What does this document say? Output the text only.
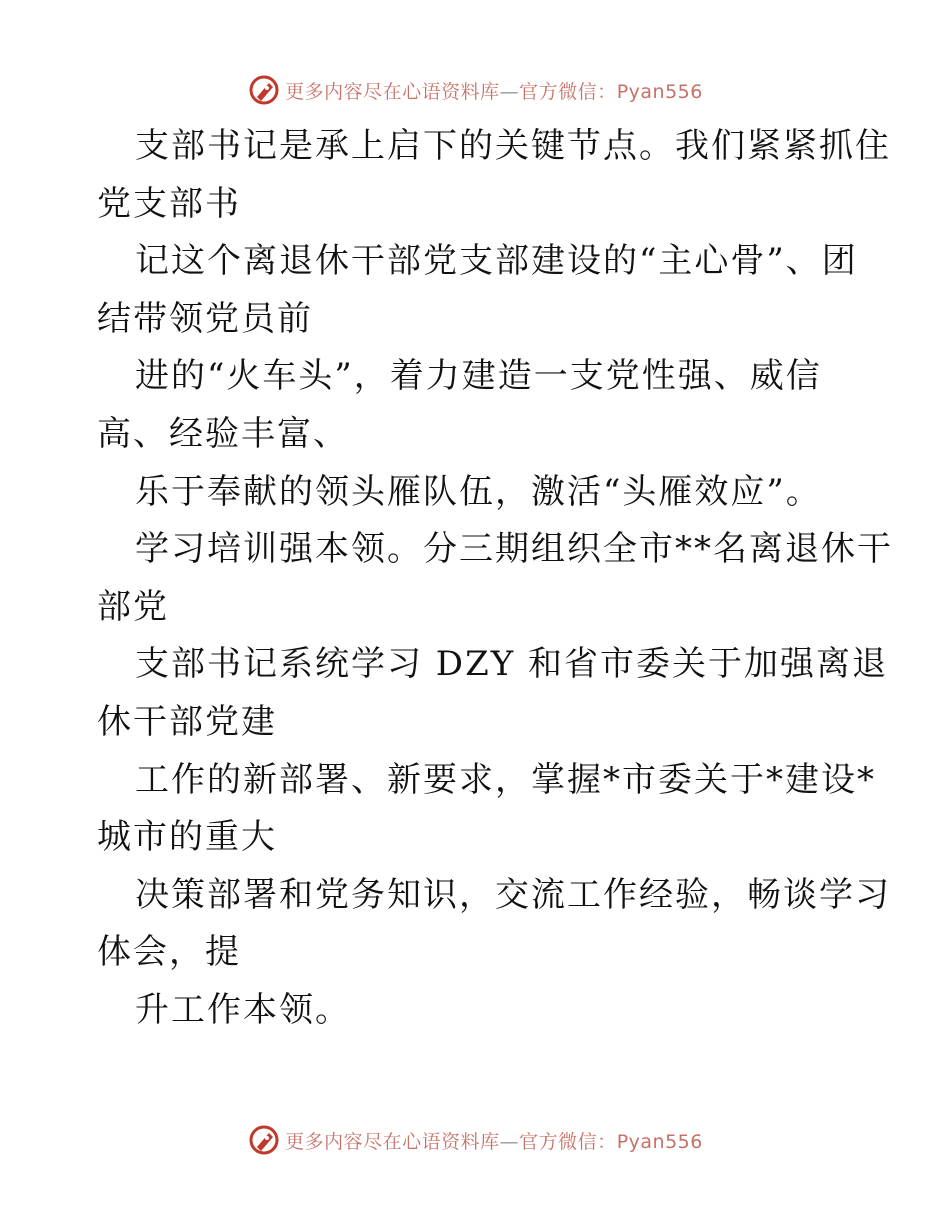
更多内容尽在心语资料库—官方微信：Pyan556
支部书记是承上启下的关键节点。我们紧紧抓住
党支部书
记这个离退休干部党支部建设的“主心骨”、团
结带领党员前
进的“火车头”，着力建造一支党性强、威信
高、经验丰富、
乐于奉献的领头雁队伍，激活“头雁效应”。
学习培训强本领。分三期组织全市**名离退休干
部党
支部书记系统学习 DZY 和省市委关于加强离退
休干部党建
工作的新部署、新要求，掌握*市委关于*建设*
城市的重大
决策部署和党务知识，交流工作经验，畅谈学习
体会，提
升工作本领。
更多内容尽在心语资料库—官方微信：Pyan556
